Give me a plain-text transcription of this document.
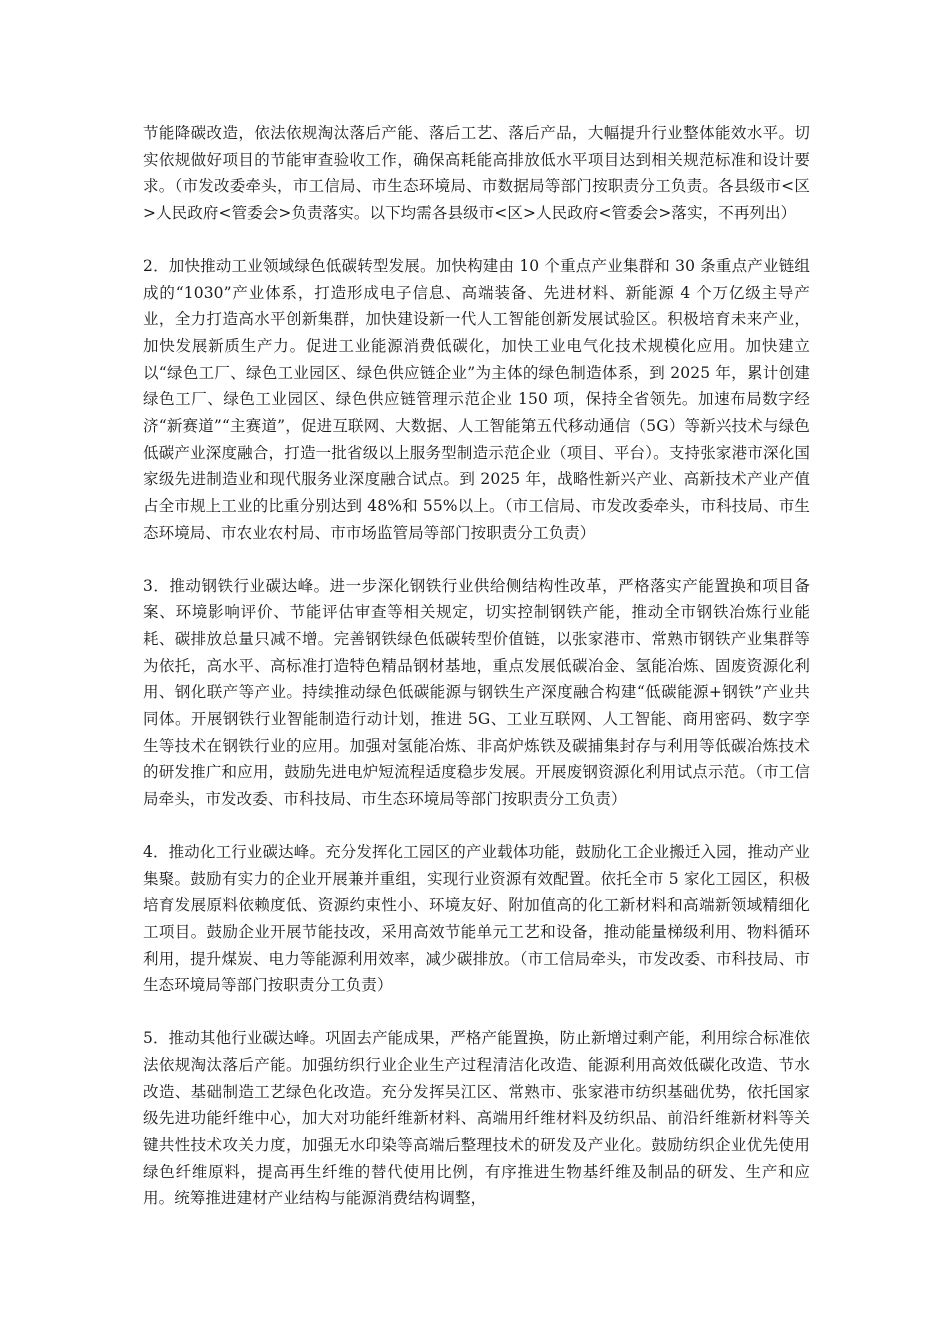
节能降碳改造，依法依规淘汰落后产能、落后工艺、落后产品，大幅提升行业整体能效水平。切实依规做好项目的节能审查验收工作，确保高耗能高排放低水平项目达到相关规范标准和设计要求。（市发改委牵头，市工信局、市生态环境局、市数据局等部门按职责分工负责。各县级市<区>人民政府<管委会>负责落实。以下均需各县级市<区>人民政府<管委会>落实，不再列出）

2．加快推动工业领域绿色低碳转型发展。加快构建由 10 个重点产业集群和 30 条重点产业链组成的“1030”产业体系，打造形成电子信息、高端装备、先进材料、新能源 4 个万亿级主导产业，全力打造高水平创新集群，加快建设新一代人工智能创新发展试验区。积极培育未来产业，加快发展新质生产力。促进工业能源消费低碳化，加快工业电气化技术规模化应用。加快建立以“绿色工厂、绿色工业园区、绿色供应链企业”为主体的绿色制造体系，到 2025 年，累计创建绿色工厂、绿色工业园区、绿色供应链管理示范企业 150 项，保持全省领先。加速布局数字经济“新赛道”“主赛道”，促进互联网、大数据、人工智能第五代移动通信（5G）等新兴技术与绿色低碳产业深度融合，打造一批省级以上服务型制造示范企业（项目、平台）。支持张家港市深化国家级先进制造业和现代服务业深度融合试点。到 2025 年，战略性新兴产业、高新技术产业产值占全市规上工业的比重分别达到 48%和 55%以上。（市工信局、市发改委牵头，市科技局、市生态环境局、市农业农村局、市市场监管局等部门按职责分工负责）

3．推动钢铁行业碳达峰。进一步深化钢铁行业供给侧结构性改革，严格落实产能置换和项目备案、环境影响评价、节能评估审查等相关规定，切实控制钢铁产能，推动全市钢铁冶炼行业能耗、碳排放总量只减不增。完善钢铁绿色低碳转型价值链，以张家港市、常熟市钢铁产业集群等为依托，高水平、高标准打造特色精品钢材基地，重点发展低碳冶金、氢能冶炼、固废资源化利用、钢化联产等产业。持续推动绿色低碳能源与钢铁生产深度融合构建“低碳能源+钢铁”产业共同体。开展钢铁行业智能制造行动计划，推进 5G、工业互联网、人工智能、商用密码、数字孪生等技术在钢铁行业的应用。加强对氢能冶炼、非高炉炼铁及碳捕集封存与利用等低碳冶炼技术的研发推广和应用，鼓励先进电炉短流程适度稳步发展。开展废钢资源化利用试点示范。（市工信局牵头，市发改委、市科技局、市生态环境局等部门按职责分工负责）

4．推动化工行业碳达峰。充分发挥化工园区的产业载体功能，鼓励化工企业搬迁入园，推动产业集聚。鼓励有实力的企业开展兼并重组，实现行业资源有效配置。依托全市 5 家化工园区，积极培育发展原料依赖度低、资源约束性小、环境友好、附加值高的化工新材料和高端新领域精细化工项目。鼓励企业开展节能技改，采用高效节能单元工艺和设备，推动能量梯级利用、物料循环利用，提升煤炭、电力等能源利用效率，减少碳排放。（市工信局牵头，市发改委、市科技局、市生态环境局等部门按职责分工负责）

5．推动其他行业碳达峰。巩固去产能成果，严格产能置换，防止新增过剩产能，利用综合标准依法依规淘汰落后产能。加强纺织行业企业生产过程清洁化改造、能源利用高效低碳化改造、节水改造、基础制造工艺绿色化改造。充分发挥吴江区、常熟市、张家港市纺织基础优势，依托国家级先进功能纤维中心，加大对功能纤维新材料、高端用纤维材料及纺织品、前沿纤维新材料等关键共性技术攻关力度，加强无水印染等高端后整理技术的研发及产业化。鼓励纺织企业优先使用绿色纤维原料，提高再生纤维的替代使用比例，有序推进生物基纤维及制品的研发、生产和应用。统筹推进建材产业结构与能源消费结构调整，
